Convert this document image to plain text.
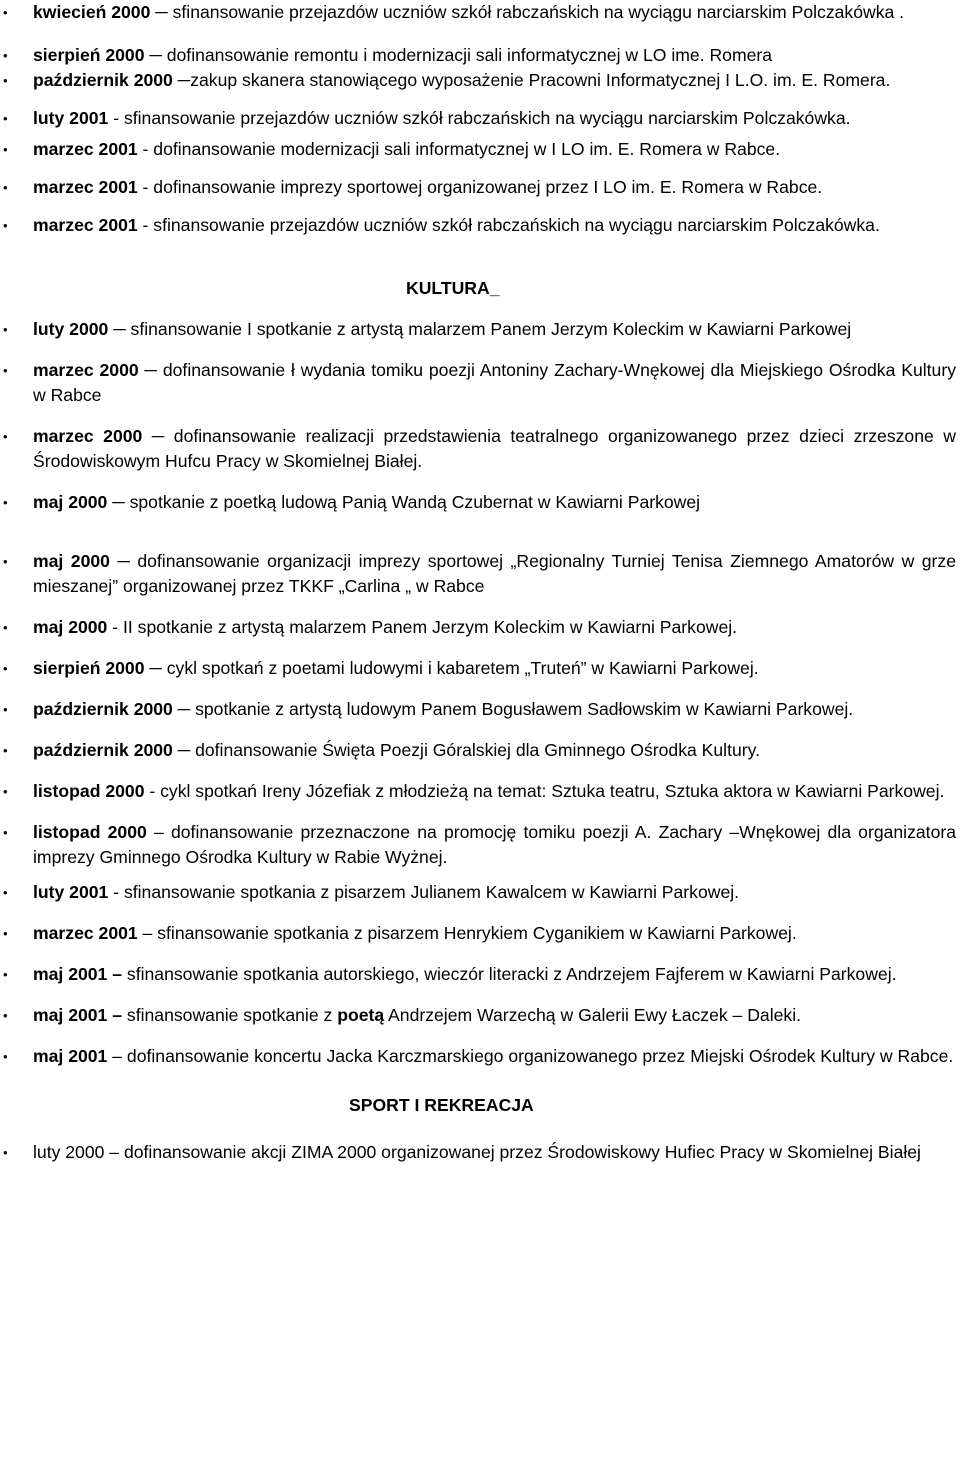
• kwiecień 2000 ─ sfinansowanie przejazdów uczniów szkół rabczańskich na wyciągu narciarskim Polczakówka .
• sierpień 2000 ─ dofinansowanie remontu i modernizacji sali informatycznej w LO ime. Romera
• październik 2000 ─zakup skanera stanowiącego wyposażenie Pracowni Informatycznej I L.O. im. E. Romera.
• luty 2001 - sfinansowanie przejazdów uczniów szkół rabczańskich na wyciągu narciarskim Polczakówka.
• marzec 2001 - dofinansowanie modernizacji sali informatycznej w I LO im. E. Romera w Rabce.
• marzec 2001 - dofinansowanie imprezy sportowej organizowanej przez I LO im. E. Romera w Rabce.
• marzec 2001 - sfinansowanie przejazdów uczniów szkół rabczańskich na wyciągu narciarskim Polczakówka.
KULTURA_
• luty 2000 ─ sfinansowanie I spotkanie z artystą malarzem Panem Jerzym Koleckim w Kawiarni Parkowej
• marzec 2000 ─ dofinansowanie ł wydania tomiku poezji Antoniny Zachary-Wnękowej dla Miejskiego Ośrodka Kultury w Rabce
• marzec 2000 ─ dofinansowanie realizacji przedstawienia teatralnego organizowanego przez dzieci zrzeszone w Środowiskowym Hufcu Pracy w Skomielnej Białej.
• maj 2000 ─ spotkanie z poetką ludową Panią Wandą Czubernat w Kawiarni Parkowej
• maj 2000 ─ dofinansowanie organizacji imprezy sportowej „Regionalny Turniej Tenisa Ziemnego Amatorów w grze mieszanej” organizowanej przez TKKF „Carlina „ w Rabce
• maj 2000 - II spotkanie z artystą malarzem Panem Jerzym Koleckim w Kawiarni Parkowej.
• sierpień 2000 ─ cykl spotkań z poetami ludowymi i kabaretem „Truteń” w Kawiarni Parkowej.
• październik 2000 ─ spotkanie z artystą ludowym Panem Bogusławem Sadłowskim w Kawiarni Parkowej.
• październik 2000 ─ dofinansowanie Święta Poezji Góralskiej dla Gminnego Ośrodka Kultury.
• listopad 2000 - cykl spotkań Ireny Józefiak z młodzieżą na temat: Sztuka teatru, Sztuka aktora w Kawiarni Parkowej.
• listopad 2000 – dofinansowanie przeznaczone na promocję tomiku poezji A. Zachary –Wnękowej dla organizatora imprezy Gminnego Ośrodka Kultury w Rabie Wyżnej.
• luty 2001 - sfinansowanie spotkania z pisarzem Julianem Kawalcem w Kawiarni Parkowej.
• marzec 2001 – sfinansowanie spotkania z pisarzem Henrykiem Cyganikiem w Kawiarni Parkowej.
• maj 2001 – sfinansowanie spotkania autorskiego, wieczór literacki z Andrzejem Fajferem w Kawiarni Parkowej.
• maj 2001 – sfinansowanie spotkanie z poetą Andrzejem Warzechą w Galerii Ewy Łaczek – Daleki.
• maj 2001 – dofinansowanie koncertu Jacka Karczmarskiego organizowanego przez Miejski Ośrodek Kultury w Rabce.
SPORT I REKREACJA
• luty 2000 – dofinansowanie akcji ZIMA 2000 organizowanej przez Środowiskowy Hufiec Pracy w Skomielnej Białej
